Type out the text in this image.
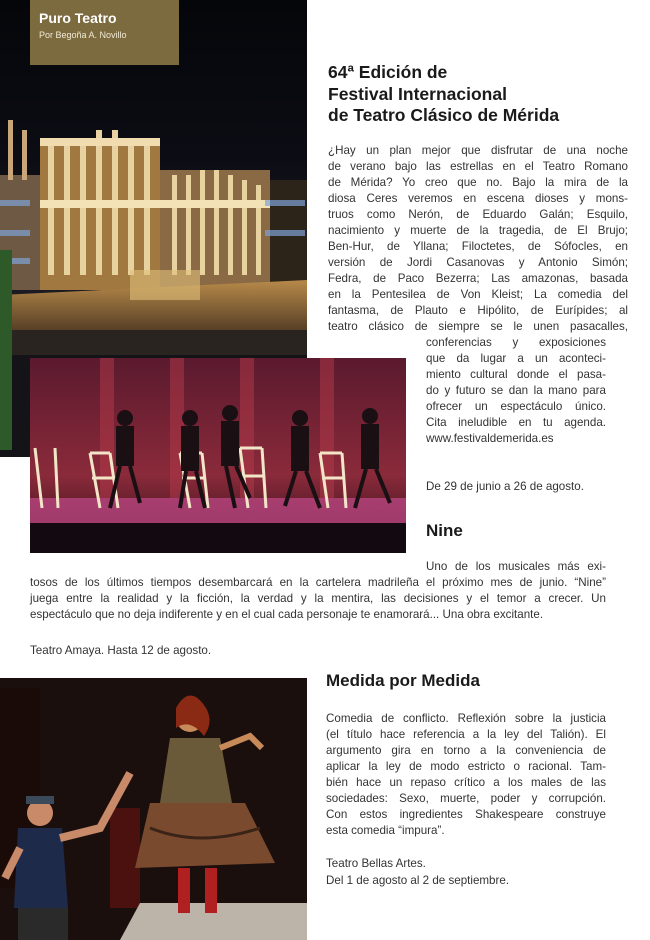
Puro Teatro
Por Begoña A. Novillo
64ª Edición de
Festival Internacional
de Teatro Clásico de Mérida
¿Hay un plan mejor que disfrutar de una noche
de verano bajo las estrellas en el Teatro Romano
de Mérida? Yo creo que no. Bajo la mira de la
diosa Ceres veremos en escena dioses y mons-
truos como Nerón, de Eduardo Galán; Esquilo,
nacimiento y muerte de la tragedia, de El Brujo;
Ben-Hur, de Yllana; Filoctetes, de Sófocles, en
versión de Jordi Casanovas y Antonio Simón;
Fedra, de Paco Bezerra; Las amazonas, basada
en la Pentesilea de Von Kleist; La comedia del
fantasma, de Plauto e Hipólito, de Eurípides; al
teatro clásico de siempre se le unen pasacalles,
conferencias y exposiciones
que da lugar a un aconteci-
miento cultural donde el pasa-
do y futuro se dan la mano para
ofrecer un espectáculo único.
Cita ineludible en tu agenda.
www.festivaldemerida.es
De 29 de junio a 26 de agosto.
Nine
Uno de los musicales más exi-
tosos de los últimos tiempos desembarcará en la cartelera madrileña el próximo mes de junio. “Nine”
juega entre la realidad y la ficción, la verdad y la mentira, las decisiones y el temor a crecer. Un
espectáculo que no deja indiferente y en el cual cada personaje te enamorará... Una obra excitante.
Teatro Amaya. Hasta 12 de agosto.
Medida por Medida
Comedia de conflicto. Reflexión sobre la justicia
(el título hace referencia a la ley del Talión). El
argumento gira en torno a la conveniencia de
aplicar la ley de modo estricto o racional. Tam-
bién hace un repaso crítico a los males de las
sociedades: Sexo, muerte, poder y corrupción.
Con estos ingredientes Shakespeare construye
esta comedia “impura”.
Teatro Bellas Artes.
Del 1 de agosto al 2 de septiembre.
